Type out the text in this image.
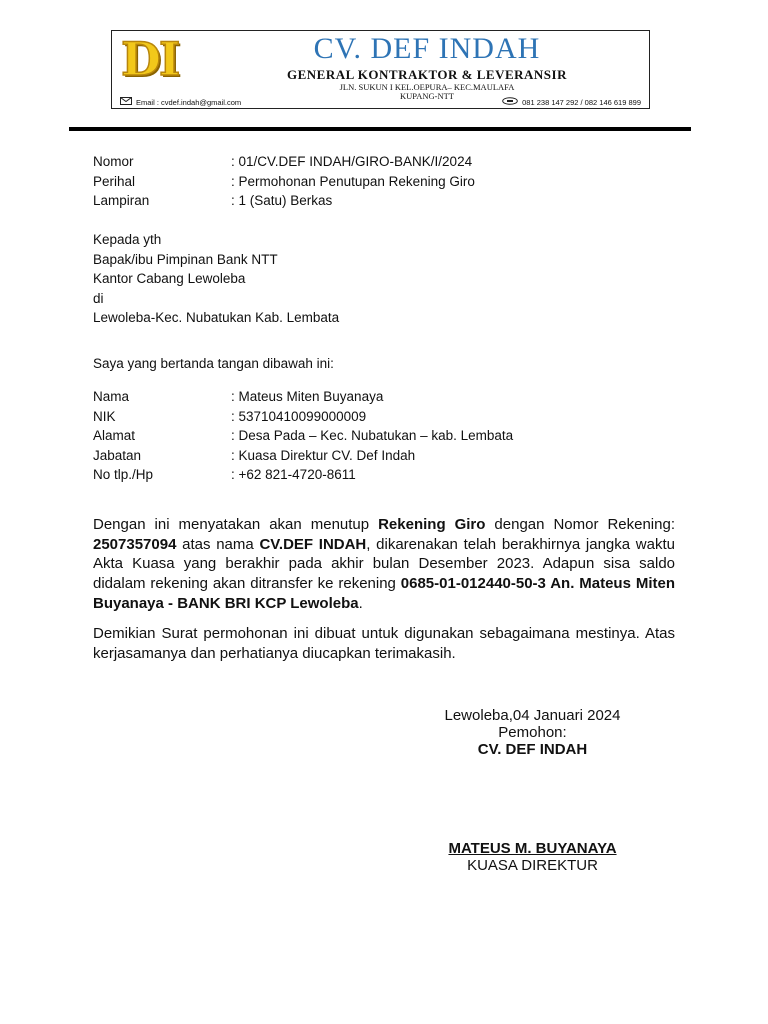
DI	CV. DEF INDAH
GENERAL KONTRAKTOR & LEVERANSIR
JLN. SUKUN I KEL.OEPURA– KEC.MAULAFA
KUPANG-NTT
Email : cvdef.indah@gmail.com	081 238 147 292 / 082 146 619 899
Nomor	: 01/CV.DEF INDAH/GIRO-BANK/I/2024
Perihal	: Permohonan Penutupan Rekening Giro
Lampiran	: 1 (Satu) Berkas
Kepada yth
Bapak/ibu Pimpinan Bank NTT
Kantor Cabang Lewoleba
di
Lewoleba-Kec. Nubatukan Kab. Lembata
Saya yang bertanda tangan dibawah ini:
Nama	: Mateus Miten Buyanaya
NIK	: 53710410099000009
Alamat	: Desa Pada – Kec. Nubatukan – kab. Lembata
Jabatan	: Kuasa Direktur CV. Def Indah
No tlp./Hp	: +62 821-4720-8611
Dengan ini menyatakan akan menutup Rekening Giro dengan Nomor Rekening: 2507357094 atas nama CV.DEF INDAH, dikarenakan telah berakhirnya jangka waktu Akta Kuasa yang berakhir pada akhir bulan Desember 2023. Adapun sisa saldo didalam rekening akan ditransfer ke rekening 0685-01-012440-50-3 An. Mateus Miten Buyanaya - BANK BRI KCP Lewoleba.
Demikian Surat permohonan ini dibuat untuk digunakan sebagaimana mestinya. Atas kerjasamanya dan perhatianya diucapkan terimakasih.
Lewoleba,04 Januari 2024
Pemohon:
CV. DEF INDAH
MATEUS M. BUYANAYA
KUASA DIREKTUR
